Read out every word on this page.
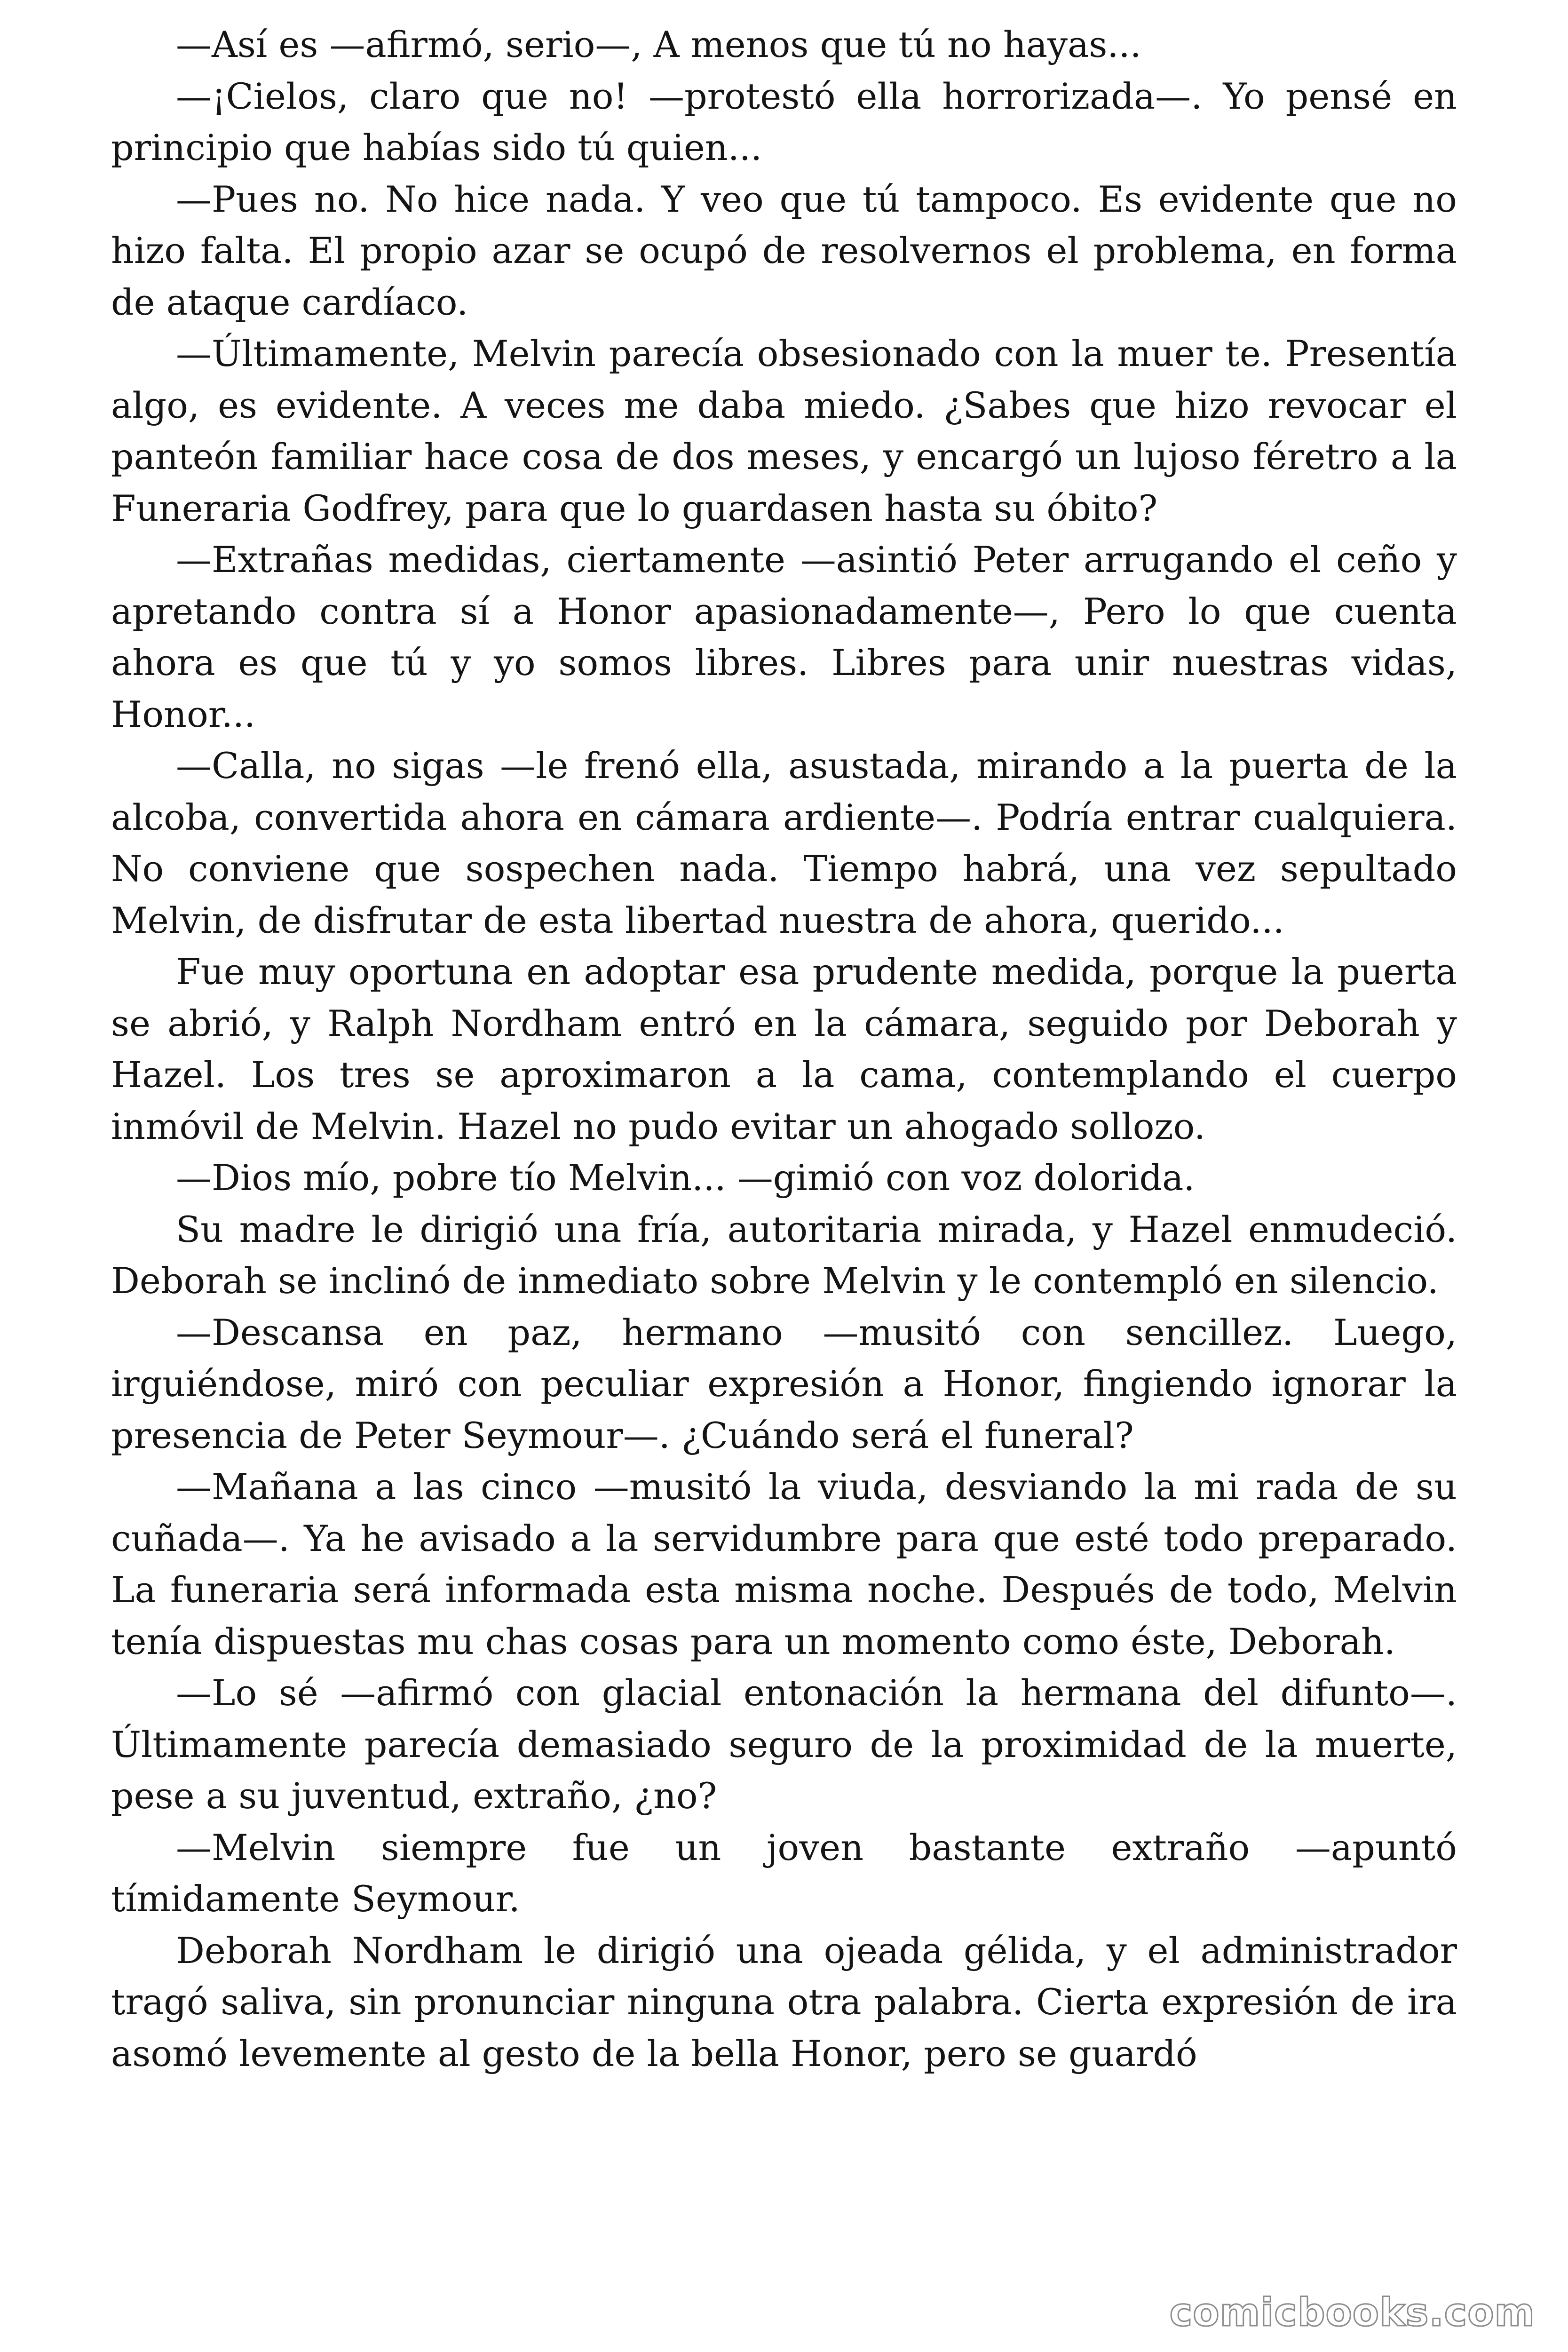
—Así es —afirmó, serio—, A menos que tú no hayas...

—¡Cielos, claro que no! —protestó ella horrorizada—. Yo pensé en principio que habías sido tú quien...

—Pues no. No hice nada. Y veo que tú tampoco. Es evidente que no hizo falta. El propio azar se ocupó de resolvernos el problema, en forma de ataque cardíaco.

—Últimamente, Melvin parecía obsesionado con la muer te. Presentía algo, es evidente. A veces me daba miedo. ¿Sabes que hizo revocar el panteón familiar hace cosa de dos meses, y encargó un lujoso féretro a la Funeraria Godfrey, para que lo guardasen hasta su óbito?

—Extrañas medidas, ciertamente —asintió Peter arrugando el ceño y apretando contra sí a Honor apasionadamente—, Pero lo que cuenta ahora es que tú y yo somos libres. Libres para unir nuestras vidas, Honor...

—Calla, no sigas —le frenó ella, asustada, mirando a la puerta de la alcoba, convertida ahora en cámara ardiente—. Podría entrar cualquiera. No conviene que sospechen nada. Tiempo habrá, una vez sepultado Melvin, de disfrutar de esta libertad nuestra de ahora, querido...

Fue muy oportuna en adoptar esa prudente medida, porque la puerta se abrió, y Ralph Nordham entró en la cámara, seguido por Deborah y Hazel. Los tres se aproximaron a la cama, contemplando el cuerpo inmóvil de Melvin. Hazel no pudo evitar un ahogado sollozo.

—Dios mío, pobre tío Melvin... —gimió con voz dolorida.

Su madre le dirigió una fría, autoritaria mirada, y Hazel enmudeció. Deborah se inclinó de inmediato sobre Melvin y le contempló en silencio.

—Descansa en paz, hermano —musitó con sencillez. Luego, irguiéndose, miró con peculiar expresión a Honor, fingiendo ignorar la presencia de Peter Seymour—. ¿Cuándo será el funeral?

—Mañana a las cinco —musitó la viuda, desviando la mi rada de su cuñada—. Ya he avisado a la servidumbre para que esté todo preparado. La funeraria será informada esta misma noche. Después de todo, Melvin tenía dispuestas mu chas cosas para un momento como éste, Deborah.

—Lo sé —afirmó con glacial entonación la hermana del difunto—. Últimamente parecía demasiado seguro de la proximidad de la muerte, pese a su juventud, extraño, ¿no?

—Melvin siempre fue un joven bastante extraño —apuntó tímidamente Seymour.

Deborah Nordham le dirigió una ojeada gélida, y el administrador tragó saliva, sin pronunciar ninguna otra palabra. Cierta expresión de ira asomó levemente al gesto de la bella Honor, pero se guardó

comicbooks.com
